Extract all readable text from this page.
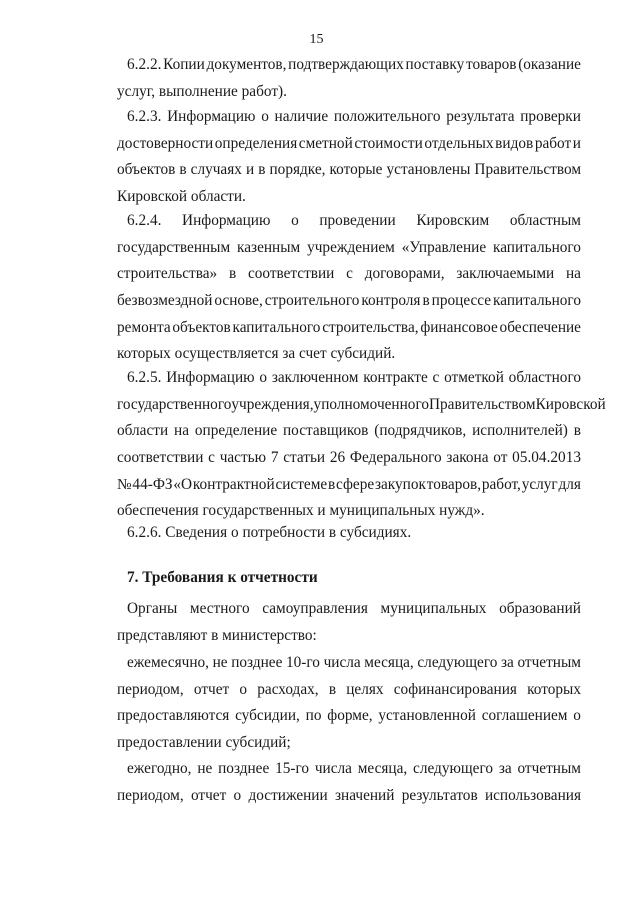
15
6.2.2. Копии документов, подтверждающих поставку товаров (оказание
услуг, выполнение работ).
6.2.3. Информацию о наличие положительного результата проверки
достоверности определения сметной стоимости отдельных видов работ и
объектов в случаях и в порядке, которые установлены Правительством
Кировской области.
6.2.4. Информацию о проведении Кировским областным
государственным казенным учреждением «Управление капитального
строительства» в соответствии с договорами, заключаемыми на
безвозмездной основе, строительного контроля в процессе капитального
ремонта объектов капитального строительства, финансовое обеспечение
которых осуществляется за счет субсидий.
6.2.5. Информацию о заключенном контракте с отметкой областного
государственного учреждения, уполномоченного Правительством Кировской
области на определение поставщиков (подрядчиков, исполнителей) в
соответствии с частью 7 статьи 26 Федерального закона от 05.04.2013
№ 44-ФЗ «О контрактной системе в сфере закупок товаров, работ, услуг для
обеспечения государственных и муниципальных нужд».
6.2.6. Сведения о потребности в субсидиях.
7. Требования к отчетности
Органы местного самоуправления муниципальных образований
представляют в министерство:
ежемесячно, не позднее 10-го числа месяца, следующего за отчетным
периодом, отчет о расходах, в целях софинансирования которых
предоставляются субсидии, по форме, установленной соглашением о
предоставлении субсидий;
ежегодно, не позднее 15-го числа месяца, следующего за отчетным
периодом, отчет о достижении значений результатов использования
